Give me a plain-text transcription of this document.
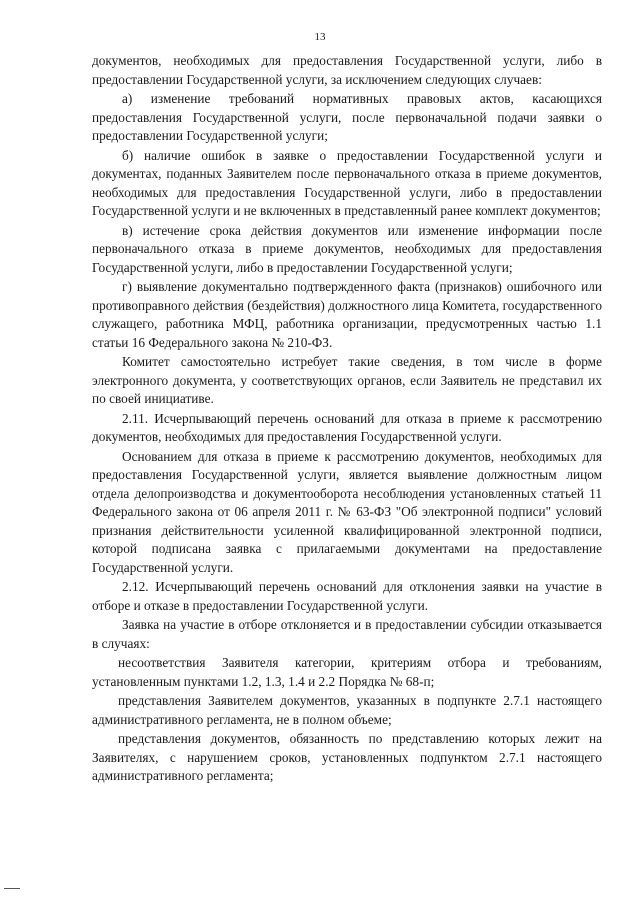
13

документов, необходимых для предоставления Государственной услуги, либо в предоставлении Государственной услуги, за исключением следующих случаев:

а) изменение требований нормативных правовых актов, касающихся предоставления Государственной услуги, после первоначальной подачи заявки о предоставлении Государственной услуги;

б) наличие ошибок в заявке о предоставлении Государственной услуги и документах, поданных Заявителем после первоначального отказа в приеме документов, необходимых для предоставления Государственной услуги, либо в предоставлении Государственной услуги и не включенных в представленный ранее комплект документов;

в) истечение срока действия документов или изменение информации после первоначального отказа в приеме документов, необходимых для предоставления Государственной услуги, либо в предоставлении Государственной услуги;

г) выявление документально подтвержденного факта (признаков) ошибочного или противоправного действия (бездействия) должностного лица Комитета, государственного служащего, работника МФЦ, работника организации, предусмотренных частью 1.1 статьи 16 Федерального закона № 210-ФЗ.

Комитет самостоятельно истребует такие сведения, в том числе в форме электронного документа, у соответствующих органов, если Заявитель не представил их по своей инициативе.

2.11. Исчерпывающий перечень оснований для отказа в приеме к рассмотрению документов, необходимых для предоставления Государственной услуги.

Основанием для отказа в приеме к рассмотрению документов, необходимых для предоставления Государственной услуги, является выявление должностным лицом отдела делопроизводства и документооборота несоблюдения установленных статьей 11 Федерального закона от 06 апреля 2011 г. № 63-ФЗ "Об электронной подписи" условий признания действительности усиленной квалифицированной электронной подписи, которой подписана заявка с прилагаемыми документами на предоставление Государственной услуги.

2.12. Исчерпывающий перечень оснований для отклонения заявки на участие в отборе и отказе в предоставлении Государственной услуги.

Заявка на участие в отборе отклоняется и в предоставлении субсидии отказывается в случаях:

несоответствия Заявителя категории, критериям отбора и требованиям, установленным пунктами 1.2, 1.3, 1.4 и 2.2 Порядка № 68-п;

представления Заявителем документов, указанных в подпункте 2.7.1 настоящего административного регламента, не в полном объеме;

представления документов, обязанность по представлению которых лежит на Заявителях, с нарушением сроков, установленных подпунктом 2.7.1 настоящего административного регламента;
